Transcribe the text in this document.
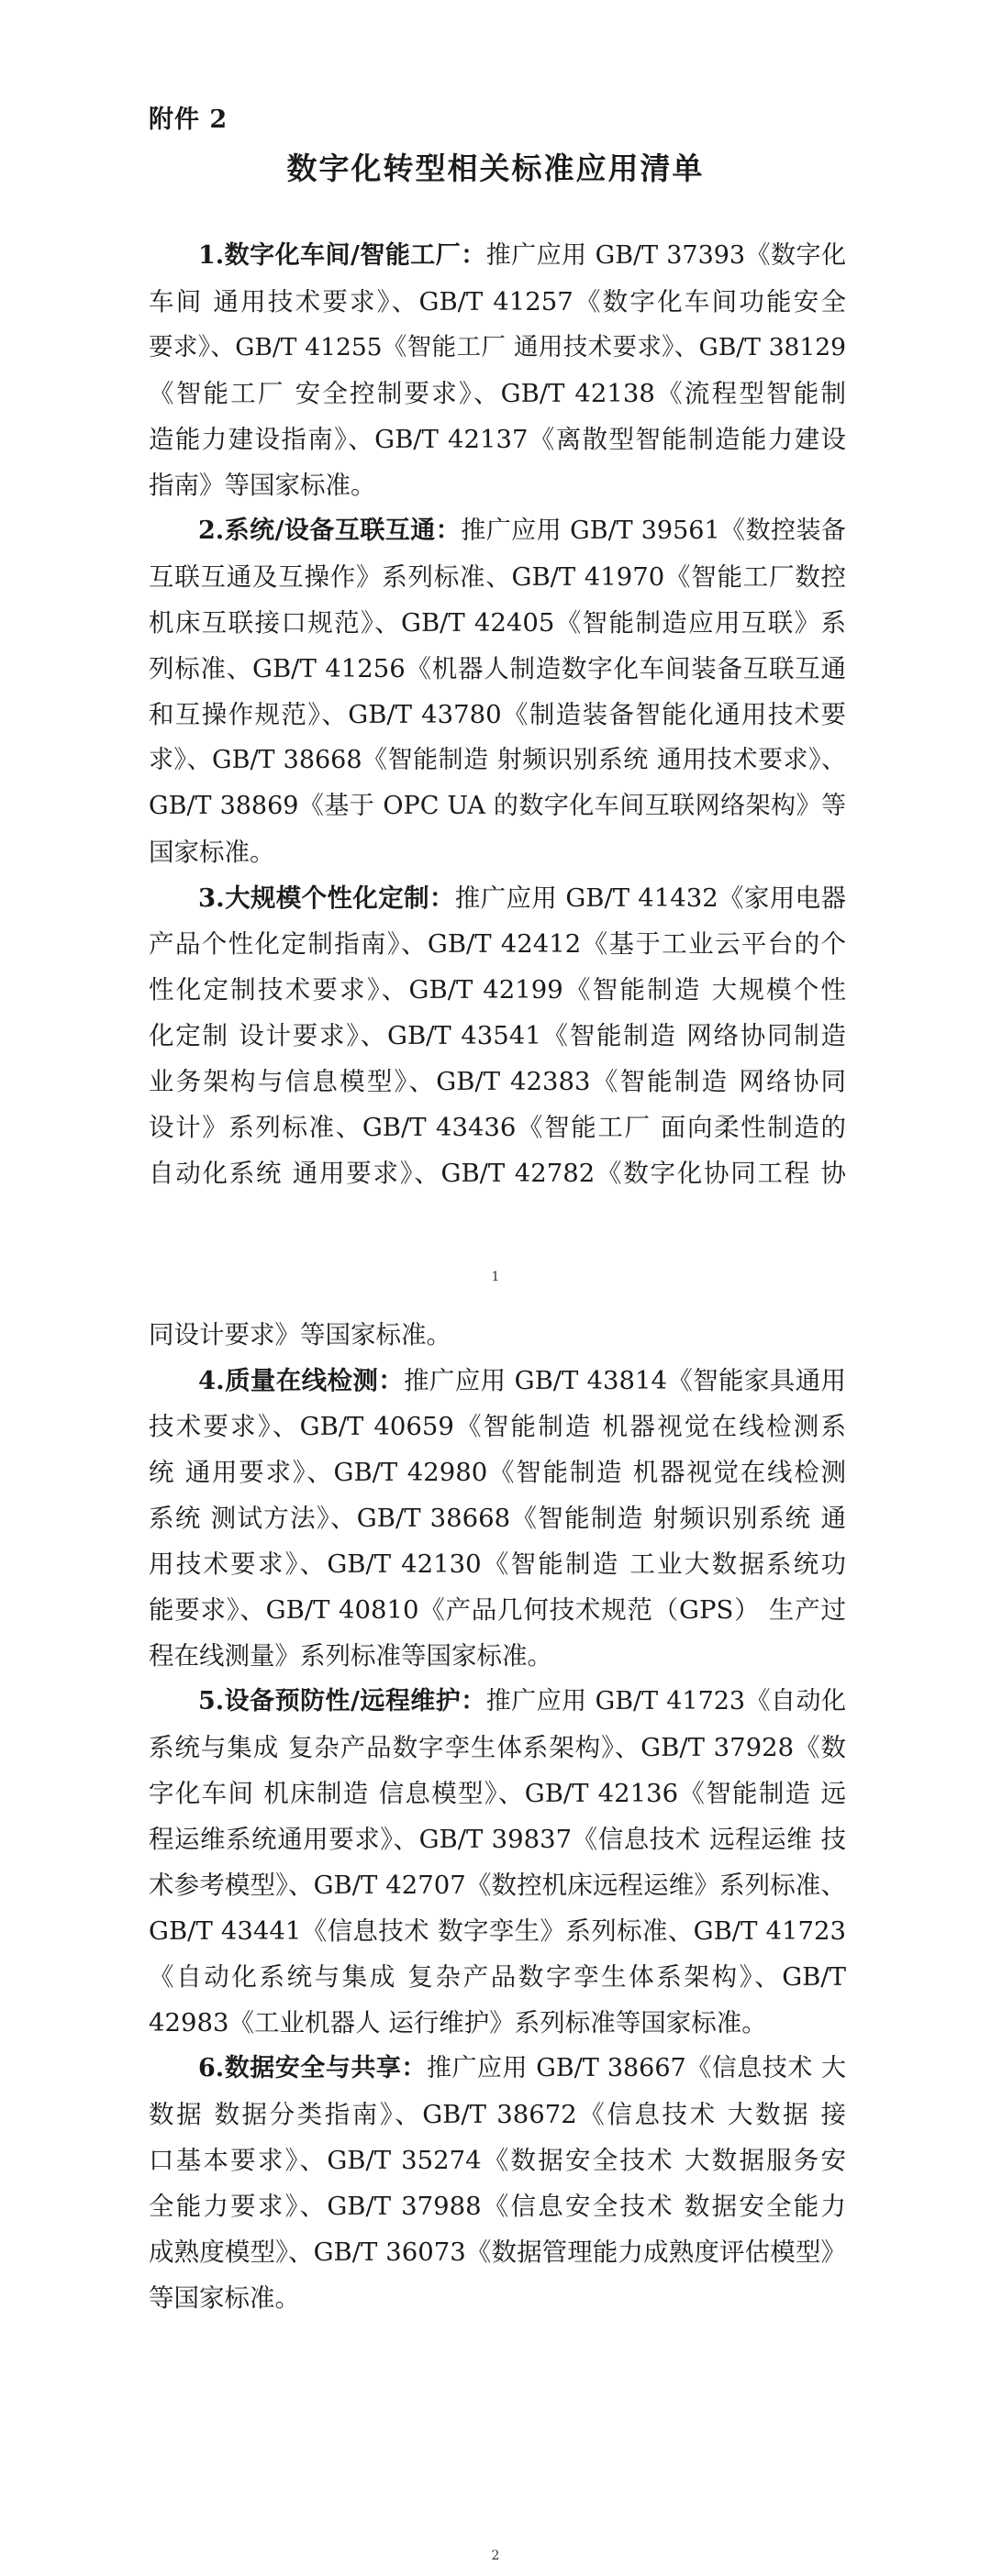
附件 2
数字化转型相关标准应用清单
1.数字化车间/智能工厂：推广应用 GB/T 37393《数字化
车间 通用技术要求》、GB/T 41257《数字化车间功能安全
要求》、GB/T 41255《智能工厂 通用技术要求》、GB/T 38129
《智能工厂 安全控制要求》、GB/T 42138《流程型智能制
造能力建设指南》、GB/T 42137《离散型智能制造能力建设
指南》等国家标准。
2.系统/设备互联互通：推广应用 GB/T 39561《数控装备
互联互通及互操作》系列标准、GB/T 41970《智能工厂数控
机床互联接口规范》、GB/T 42405《智能制造应用互联》系
列标准、GB/T 41256《机器人制造数字化车间装备互联互通
和互操作规范》、GB/T 43780《制造装备智能化通用技术要
求》、GB/T 38668《智能制造 射频识别系统 通用技术要求》、
GB/T 38869《基于 OPC UA 的数字化车间互联网络架构》等
国家标准。
3.大规模个性化定制：推广应用 GB/T 41432《家用电器
产品个性化定制指南》、GB/T 42412《基于工业云平台的个
性化定制技术要求》、GB/T 42199《智能制造 大规模个性
化定制 设计要求》、GB/T 43541《智能制造 网络协同制造
业务架构与信息模型》、GB/T 42383《智能制造 网络协同
设计》系列标准、GB/T 43436《智能工厂 面向柔性制造的
自动化系统 通用要求》、GB/T 42782《数字化协同工程 协
1
同设计要求》等国家标准。
4.质量在线检测：推广应用 GB/T 43814《智能家具通用
技术要求》、GB/T 40659《智能制造 机器视觉在线检测系
统 通用要求》、GB/T 42980《智能制造 机器视觉在线检测
系统 测试方法》、GB/T 38668《智能制造 射频识别系统 通
用技术要求》、GB/T 42130《智能制造 工业大数据系统功
能要求》、GB/T 40810《产品几何技术规范（GPS） 生产过
程在线测量》系列标准等国家标准。
5.设备预防性/远程维护：推广应用 GB/T 41723《自动化
系统与集成 复杂产品数字孪生体系架构》、GB/T 37928《数
字化车间 机床制造 信息模型》、GB/T 42136《智能制造 远
程运维系统通用要求》、GB/T 39837《信息技术 远程运维 技
术参考模型》、GB/T 42707《数控机床远程运维》系列标准、
GB/T 43441《信息技术 数字孪生》系列标准、GB/T 41723
《自动化系统与集成 复杂产品数字孪生体系架构》、GB/T
42983《工业机器人 运行维护》系列标准等国家标准。
6.数据安全与共享：推广应用 GB/T 38667《信息技术 大
数据 数据分类指南》、GB/T 38672《信息技术 大数据 接
口基本要求》、GB/T 35274《数据安全技术 大数据服务安
全能力要求》、GB/T 37988《信息安全技术 数据安全能力
成熟度模型》、GB/T 36073《数据管理能力成熟度评估模型》
等国家标准。
2
